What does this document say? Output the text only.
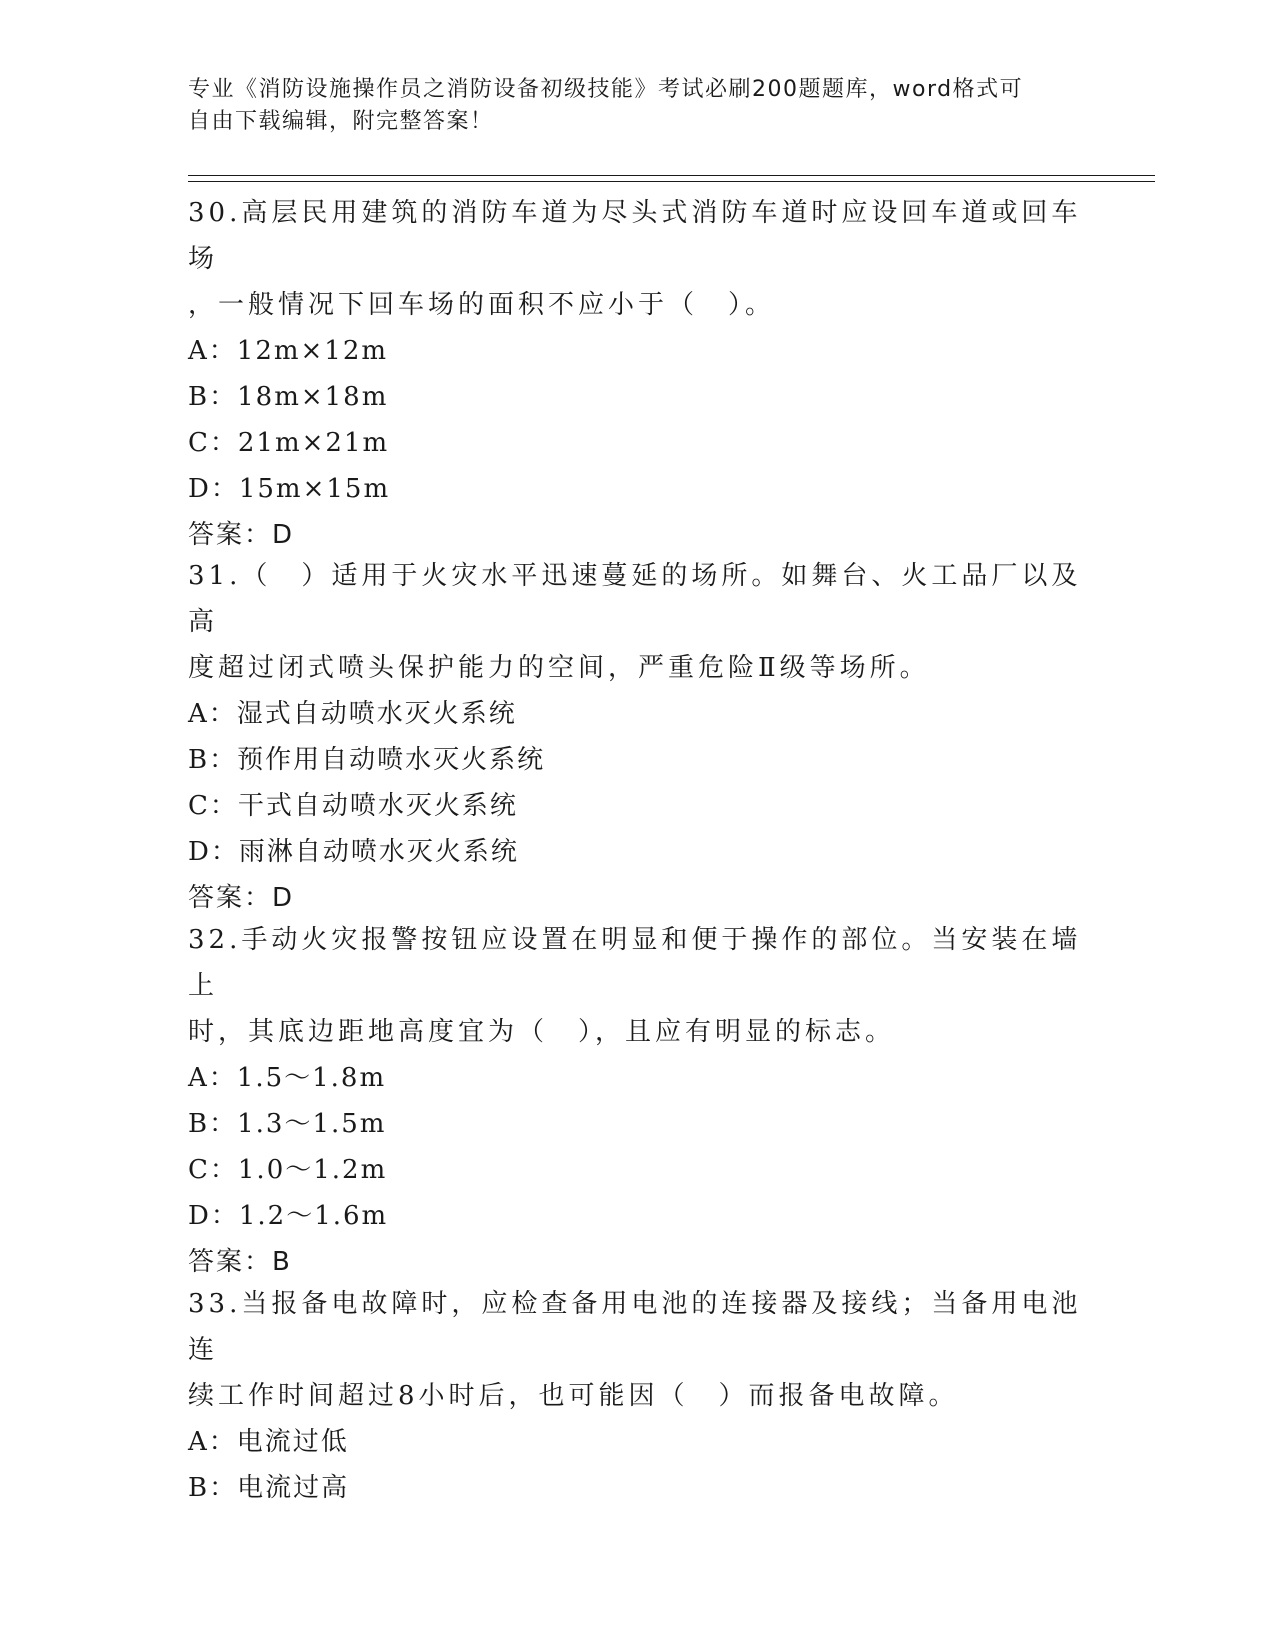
专业《消防设施操作员之消防设备初级技能》考试必刷200题题库，word格式可
自由下载编辑，附完整答案！

30.高层民用建筑的消防车道为尽头式消防车道时应设回车道或回车场

，一般情况下回车场的面积不应小于（　）。

A：12m×12m

B：18m×18m

C：21m×21m

D：15m×15m

答案：D

31.（　）适用于火灾水平迅速蔓延的场所。如舞台、火工品厂以及高

度超过闭式喷头保护能力的空间，严重危险Ⅱ级等场所。

A：湿式自动喷水灭火系统

B：预作用自动喷水灭火系统

C：干式自动喷水灭火系统

D：雨淋自动喷水灭火系统

答案：D

32.手动火灾报警按钮应设置在明显和便于操作的部位。当安装在墙上

时，其底边距地高度宜为（　），且应有明显的标志。

A：1.5～1.8m

B：1.3～1.5m

C：1.0～1.2m

D：1.2～1.6m

答案：B

33.当报备电故障时，应检查备用电池的连接器及接线；当备用电池连

续工作时间超过8小时后，也可能因（　）而报备电故障。

A：电流过低

B：电流过高
